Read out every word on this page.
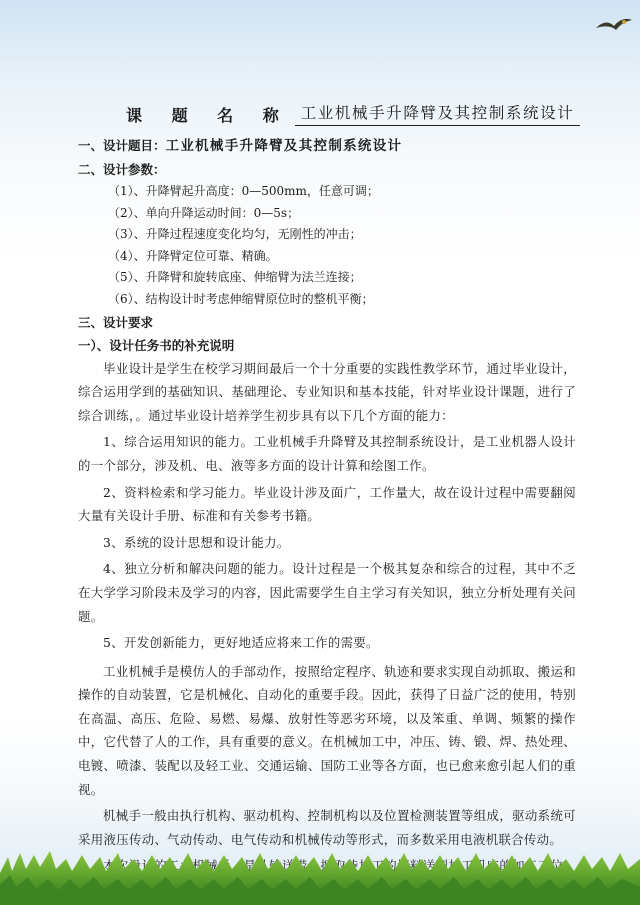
课 题 名 称 工业机械手升降臂及其控制系统设计
一、设计题目：工业机械手升降臂及其控制系统设计
二、设计参数：
（1）、升降臂起升高度：0—500mm，任意可调；
（2）、单向升降运动时间：0—5s；
（3）、升降过程速度变化均匀，无刚性的冲击；
（4）、升降臂定位可靠、精确。
（5）、升降臂和旋转底座、伸缩臂为法兰连接；
（6）、结构设计时考虑伸缩臂原位时的整机平衡；
三、设计要求
一）、设计任务书的补充说明

毕业设计是学生在校学习期间最后一个十分重要的实践性教学环节，通过毕业设计，综合运用学到的基础知识、基础理论、专业知识和基本技能，针对毕业设计课题，进行了综合训练，。通过毕业设计培养学生初步具有以下几个方面的能力：

1、综合运用知识的能力。工业机械手升降臂及其控制系统设计，是工业机器人设计的一个部分，涉及机、电、液等多方面的设计计算和绘图工作。

2、资料检索和学习能力。毕业设计涉及面广，工作量大，故在设计过程中需要翻阅大量有关设计手册、标准和有关参考书籍。

3、系统的设计思想和设计能力。

4、独立分析和解决问题的能力。设计过程是一个极其复杂和综合的过程，其中不乏在大学学习阶段未及学习的内容，因此需要学生自主学习有关知识，独立分析处理有关问题。

5、开发创新能力，更好地适应将来工作的需要。

工业机械手是模仿人的手部动作，按照给定程序、轨迹和要求实现自动抓取、搬运和操作的自动装置，它是机械化、自动化的重要手段。因此，获得了日益广泛的使用，特别在高温、高压、危险、易燃、易爆、放射性等恶劣环境，以及笨重、单调、频繁的操作中，它代替了人的工作，具有重要的意义。在机械加工中，冲压、铸、锻、焊、热处理、电镀、喷漆、装配以及轻工业、交通运输、国防工业等各方面，也已愈来愈引起人们的重视。

机械手一般由执行机构、驱动机构、控制机构以及位置检测装置等组成，驱动系统可采用液压传动、气动传动、电气传动和机械传动等形式，而多数采用电液机联合传动。

本次设计的工业机械手，是 送 上抓取待加工的坯料送到加工机床的加工工位
